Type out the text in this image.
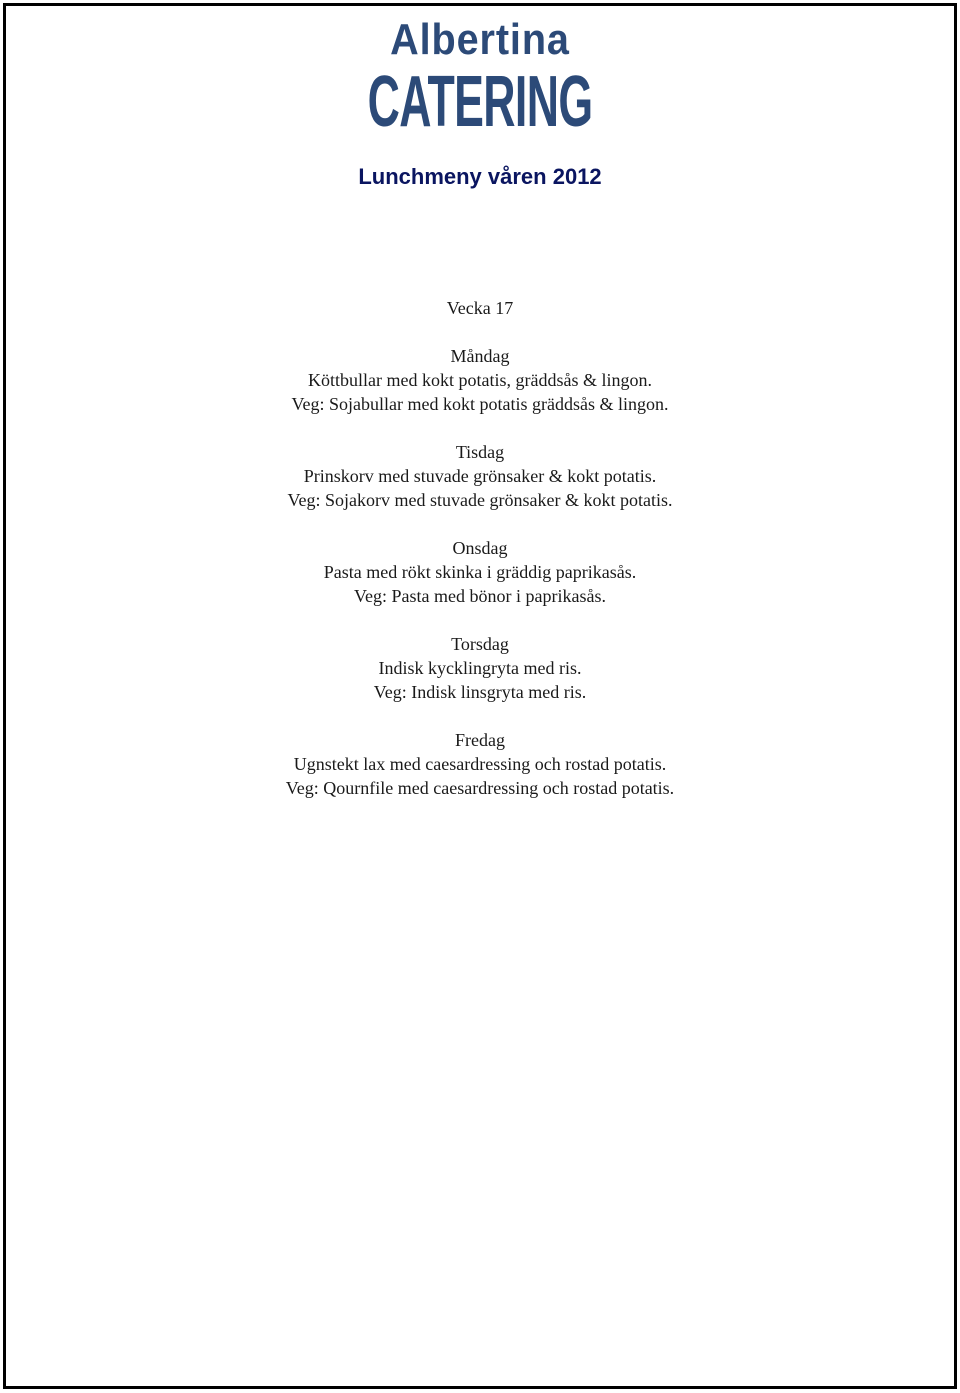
Albertina
CATERING
Lunchmeny våren 2012
Vecka 17
Måndag
Köttbullar med kokt potatis, gräddsås & lingon.
Veg: Sojabullar med kokt potatis gräddsås & lingon.
Tisdag
Prinskorv med stuvade grönsaker & kokt potatis.
Veg: Sojakorv med stuvade grönsaker & kokt potatis.
Onsdag
Pasta med rökt skinka i gräddig paprikasås.
Veg: Pasta med bönor i paprikasås.
Torsdag
Indisk kycklingryta med ris.
Veg: Indisk linsgryta med ris.
Fredag
Ugnstekt lax med caesardressing och rostad potatis.
Veg: Qournfile med caesardressing och rostad potatis.
